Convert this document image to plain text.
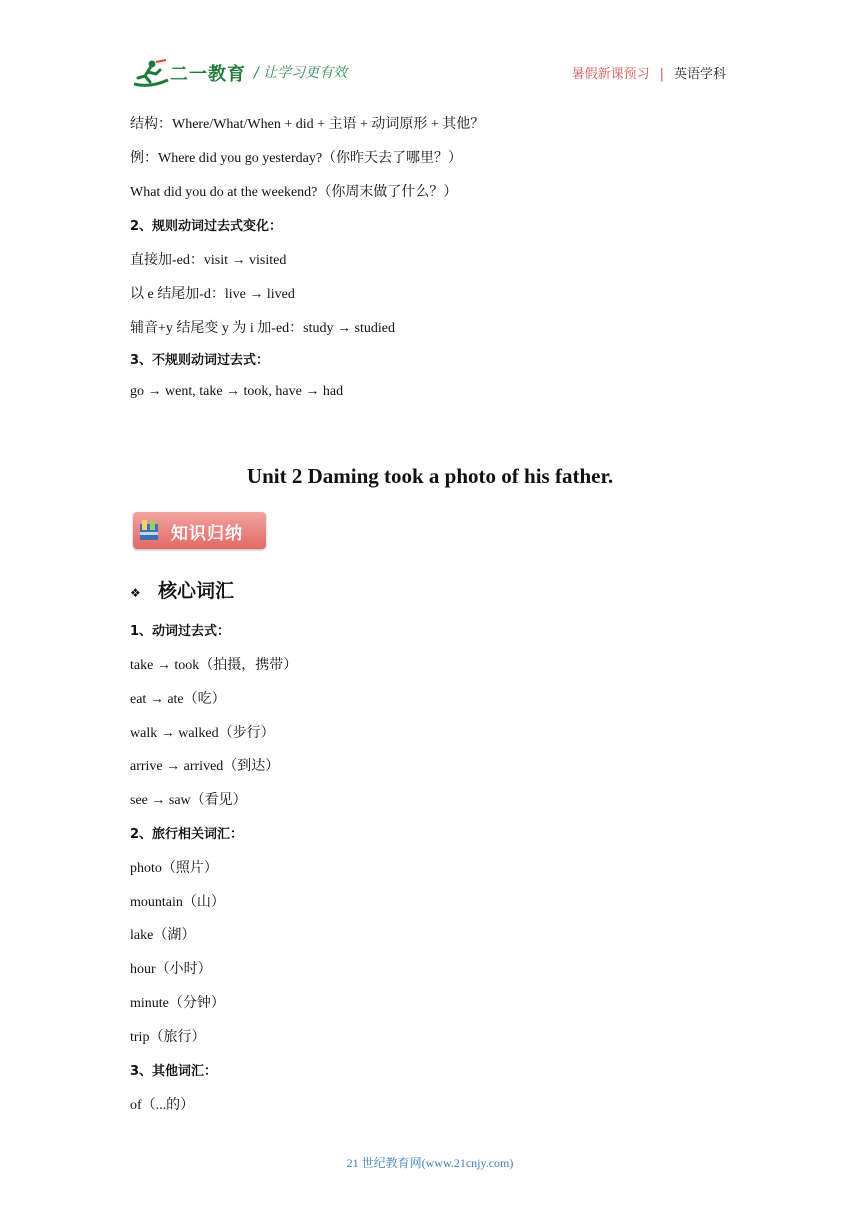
二一教育 / 让学习更有效	暑假新课预习 | 英语学科
结构：Where/What/When + did + 主语 + 动词原形 + 其他？
例：Where did you go yesterday?（你昨天去了哪里？）
What did you do at the weekend?（你周末做了什么？）
2、规则动词过去式变化：
直接加-ed：visit → visited
以 e 结尾加-d：live → lived
辅音+y 结尾变 y 为 i 加-ed：study → studied
3、不规则动词过去式：
go → went, take → took, have → had
Unit 2 Daming took a photo of his father.
知识归纳
❖ 核心词汇
1、动词过去式：
take → took（拍摄，携带）
eat → ate（吃）
walk → walked（步行）
arrive → arrived（到达）
see → saw（看见）
2、旅行相关词汇：
photo（照片）
mountain（山）
lake（湖）
hour（小时）
minute（分钟）
trip（旅行）
3、其他词汇：
of（...的）
21 世纪教育网(www.21cnjy.com)
